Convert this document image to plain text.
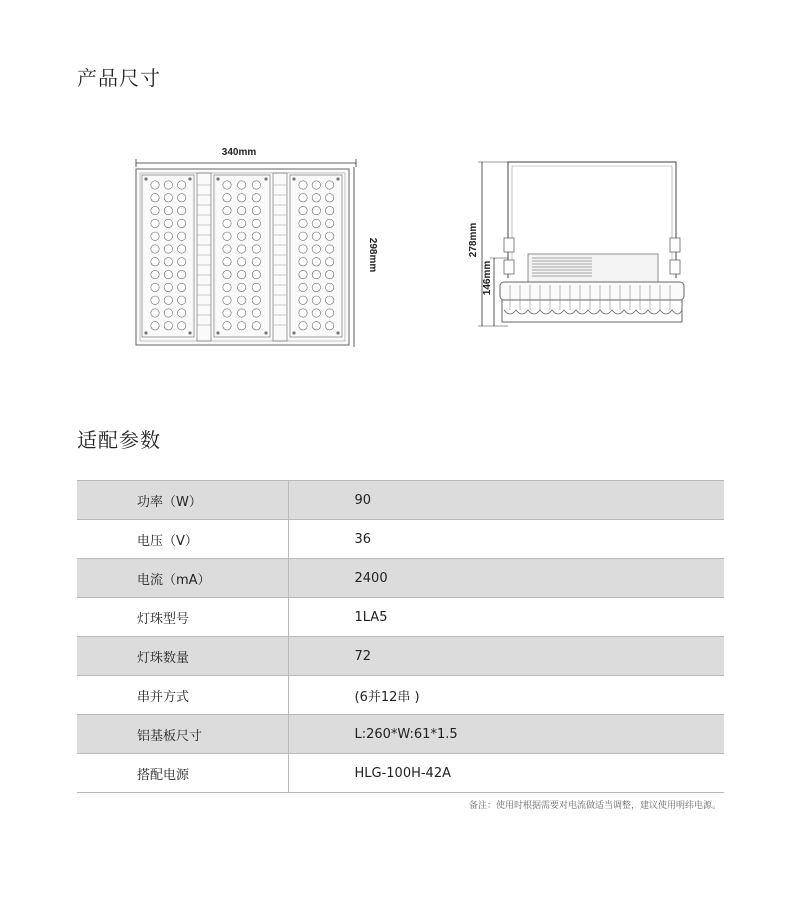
产品尺寸
340mm
298mm	278mm
146mm
适配参数
功率（W）	90
电压（V）	36
电流（mA）	2400
灯珠型号	1LA5
灯珠数量	72
串并方式	(6并12串 )
铝基板尺寸	L:260*W:61*1.5
搭配电源	HLG-100H-42A
备注：使用时根据需要对电流做适当调整，建议使用明纬电源。
